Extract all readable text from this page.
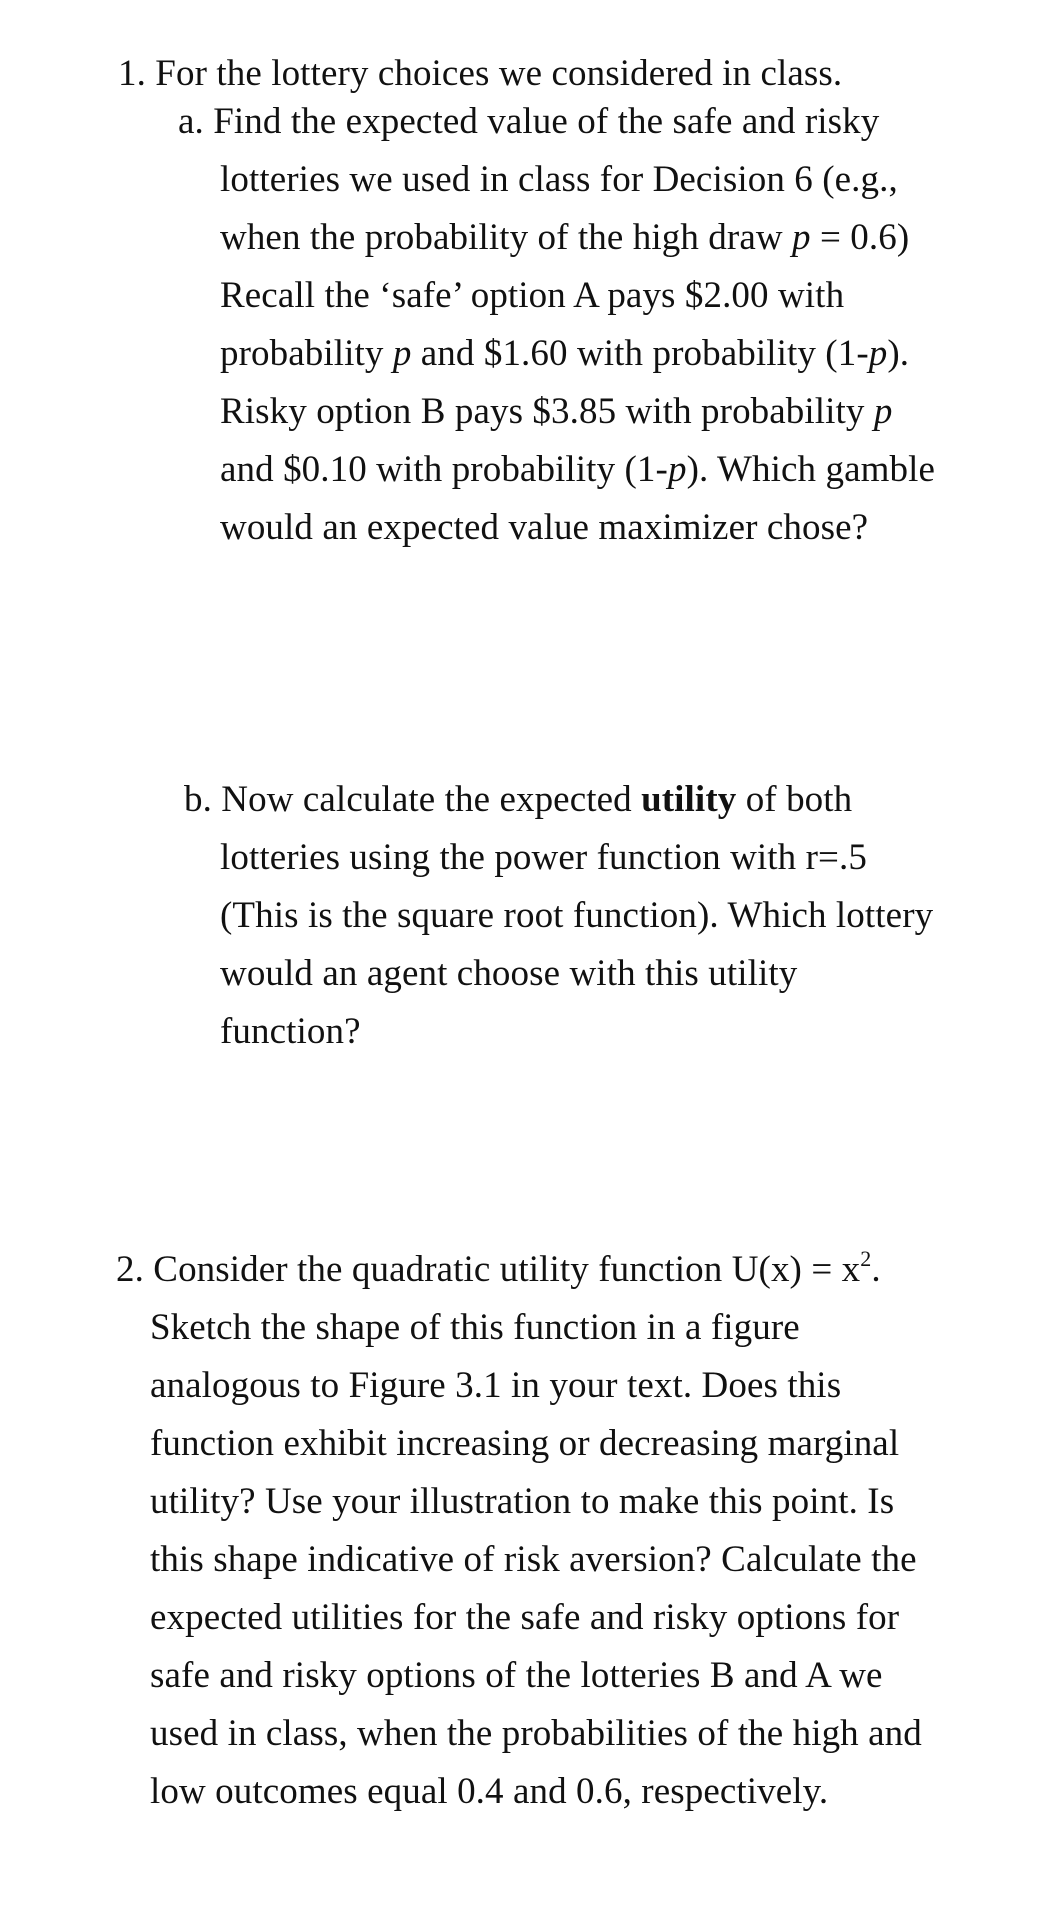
1. For the lottery choices we considered in class.
a. Find the expected value of the safe and risky
lotteries we used in class for Decision 6 (e.g.,
when the probability of the high draw p = 0.6)
Recall the ‘safe’ option A pays $2.00 with
probability p and $1.60 with probability (1-p).
Risky option B pays $3.85 with probability p
and $0.10 with probability (1-p). Which gamble
would an expected value maximizer chose?
b. Now calculate the expected utility of both
lotteries using the power function with r=.5
(This is the square root function). Which lottery
would an agent choose with this utility
function?
2. Consider the quadratic utility function $U(x) = x^2$.
Sketch the shape of this function in a figure
analogous to Figure 3.1 in your text. Does this
function exhibit increasing or decreasing marginal
utility? Use your illustration to make this point. Is
this shape indicative of risk aversion? Calculate the
expected utilities for the safe and risky options for
safe and risky options of the lotteries B and A we
used in class, when the probabilities of the high and
low outcomes equal 0.4 and 0.6, respectively.
